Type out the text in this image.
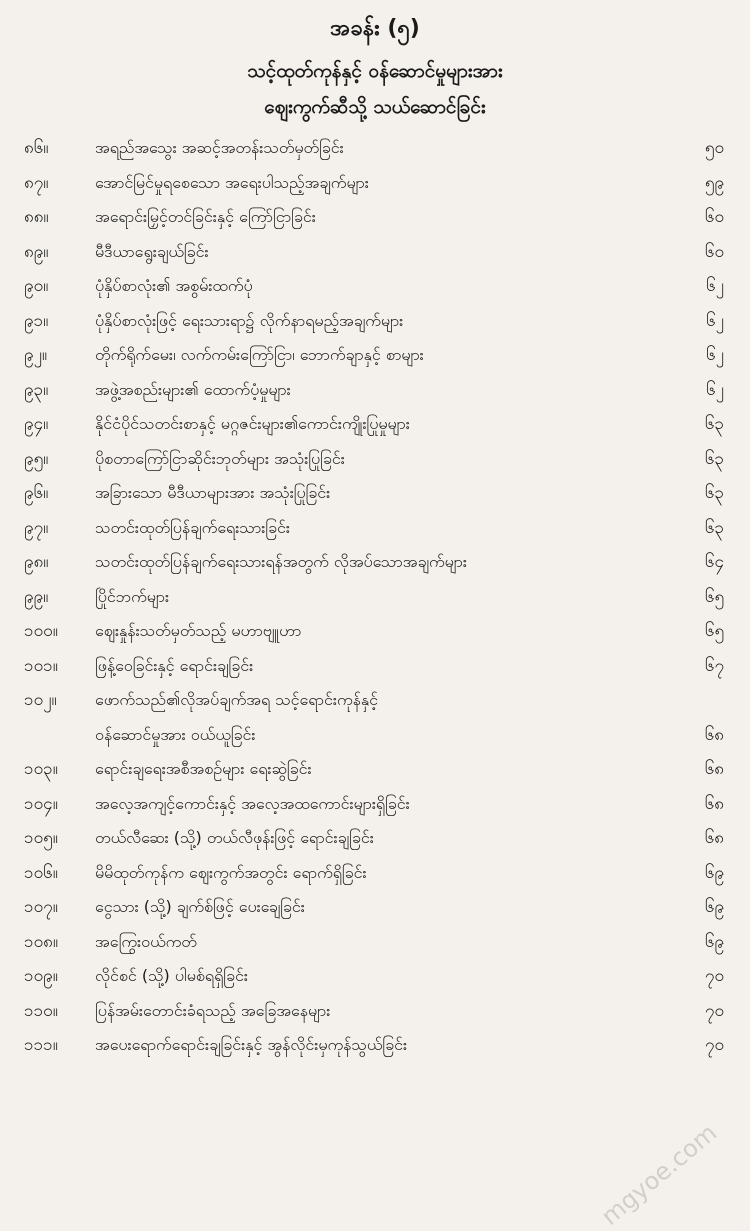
အခန်း (၅)
သင့်ထုတ်ကုန်နှင့် ဝန်ဆောင်မှုများအား
ဈေးကွက်ဆီသို့ သယ်ဆောင်ခြင်း
၈၆။	အရည်အသွေး အဆင့်အတန်းသတ်မှတ်ခြင်း	၅၀
၈၇။	အောင်မြင်မှုရစေသော အရေးပါသည့်အချက်များ	၅၉
၈၈။	အရောင်းမြှင့်တင်ခြင်းနှင့် ကြော်ငြာခြင်း	၆၀
၈၉။	မီဒီယာရွေးချယ်ခြင်း	၆၀
၉၀။	ပုံနှိပ်စာလုံး၏ အစွမ်းထက်ပုံ	၆၂
၉၁။	ပုံနှိပ်စာလုံးဖြင့် ရေးသားရာ၌ လိုက်နာရမည့်အချက်များ	၆၂
၉၂။	တိုက်ရိုက်မေး၊ လက်ကမ်းကြော်ငြာ၊ ဘောက်ချာနှင့် စာများ	၆၂
၉၃။	အဖွဲ့အစည်းများ၏ ထောက်ပံ့မှုများ	၆၂
၉၄။	နိုင်ငံပိုင်သတင်းစာနှင့် မဂ္ဂဇင်းများ၏ကောင်းကျိုးပြုမှုများ	၆၃
၉၅။	ပိုစတာကြော်ငြာဆိုင်းဘုတ်များ အသုံးပြုခြင်း	၆၃
၉၆။	အခြားသော မီဒီယာများအား အသုံးပြုခြင်း	၆၃
၉၇။	သတင်းထုတ်ပြန်ချက်ရေးသားခြင်း	၆၃
၉၈။	သတင်းထုတ်ပြန်ချက်ရေးသားရန်အတွက် လိုအပ်သောအချက်များ	၆၄
၉၉။	ပြိုင်ဘက်များ	၆၅
၁၀၀။	ဈေးနှုန်းသတ်မှတ်သည့် မဟာဗျူဟာ	၆၅
၁၀၁။	ဖြန့်ဝေခြင်းနှင့် ရောင်းချခြင်း	၆၇
၁၀၂။	ဖောက်သည်၏လိုအပ်ချက်အရ သင့်ရောင်းကုန်နှင့်
ဝန်ဆောင်မှုအား ဝယ်ယူခြင်း	၆၈
၁၀၃။	ရောင်းချရေးအစီအစဉ်များ ရေးဆွဲခြင်း	၆၈
၁၀၄။	အလေ့အကျင့်ကောင်းနှင့် အလေ့အထကောင်းများရှိခြင်း	၆၈
၁၀၅။	တယ်လီဆေး (သို့) တယ်လီဖုန်းဖြင့် ရောင်းချခြင်း	၆၈
၁၀၆။	မိမိထုတ်ကုန်က ဈေးကွက်အတွင်း ရောက်ရှိခြင်း	၆၉
၁၀၇။	ငွေသား (သို့) ချက်စ်ဖြင့် ပေးချေခြင်း	၆၉
၁၀၈။	အကြွေးဝယ်ကတ်	၆၉
၁၀၉။	လိုင်စင် (သို့) ပါမစ်ရရှိခြင်း	၇၀
၁၁၀။	ပြန်အမ်းတောင်းခံရသည့် အခြေအနေများ	၇၀
၁၁၁။	အပေးရောက်ရောင်းချခြင်းနှင့် အွန်လိုင်းမှကုန်သွယ်ခြင်း	၇၀
mgyoe.com
